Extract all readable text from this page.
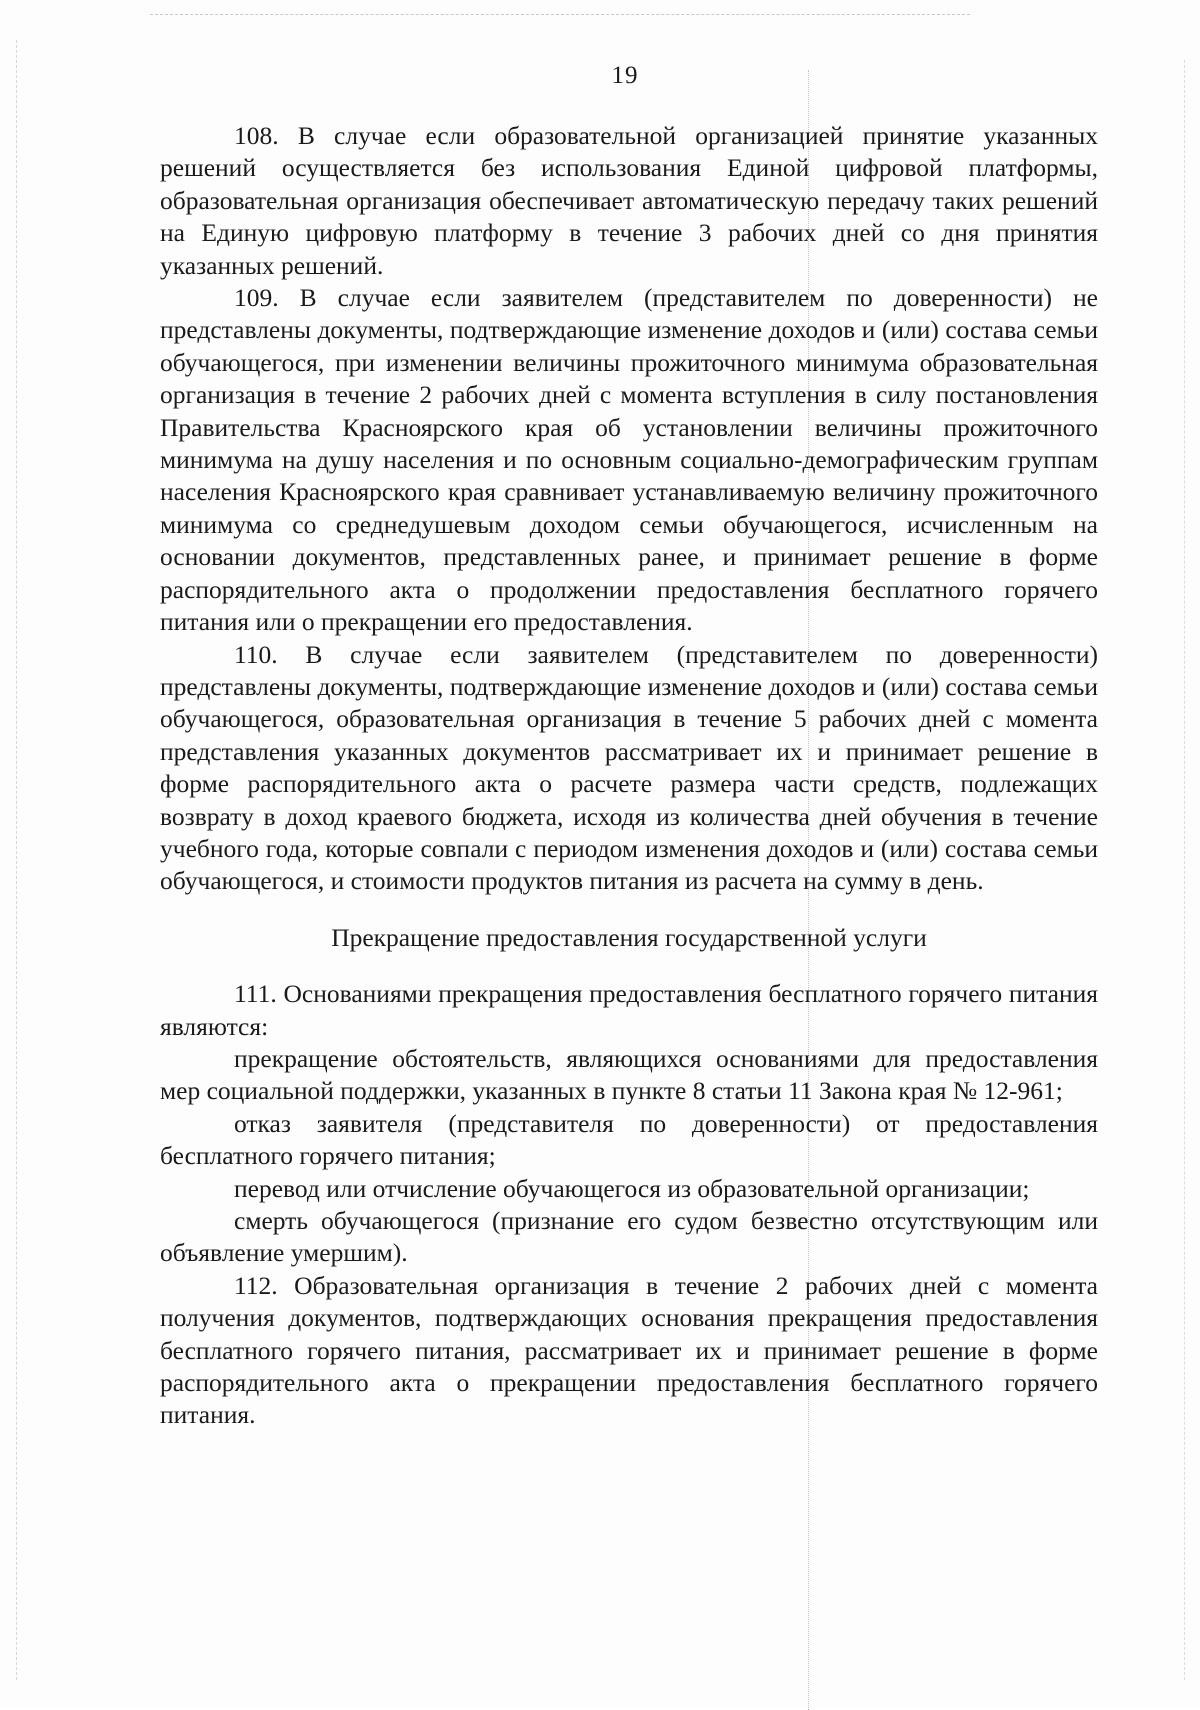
19

108. В случае если образовательной организацией принятие указанных решений осуществляется без использования Единой цифровой платформы, образовательная организация обеспечивает автоматическую передачу таких решений на Единую цифровую платформу в течение 3 рабочих дней со дня принятия указанных решений.

109. В случае если заявителем (представителем по доверенности) не представлены документы, подтверждающие изменение доходов и (или) состава семьи обучающегося, при изменении величины прожиточного минимума образовательная организация в течение 2 рабочих дней с момента вступления в силу постановления Правительства Красноярского края об установлении величины прожиточного минимума на душу населения и по основным социально-демографическим группам населения Красноярского края сравнивает устанавливаемую величину прожиточного минимума со среднедушевым доходом семьи обучающегося, исчисленным на основании документов, представленных ранее, и принимает решение в форме распорядительного акта о продолжении предоставления бесплатного горячего питания или о прекращении его предоставления.

110. В случае если заявителем (представителем по доверенности) представлены документы, подтверждающие изменение доходов и (или) состава семьи обучающегося, образовательная организация в течение 5 рабочих дней с момента представления указанных документов рассматривает их и принимает решение в форме распорядительного акта о расчете размера части средств, подлежащих возврату в доход краевого бюджета, исходя из количества дней обучения в течение учебного года, которые совпали с периодом изменения доходов и (или) состава семьи обучающегося, и стоимости продуктов питания из расчета на сумму в день.

Прекращение предоставления государственной услуги

111. Основаниями прекращения предоставления бесплатного горячего питания являются:

прекращение обстоятельств, являющихся основаниями для предоставления мер социальной поддержки, указанных в пункте 8 статьи 11 Закона края № 12-961;

отказ заявителя (представителя по доверенности) от предоставления бесплатного горячего питания;

перевод или отчисление обучающегося из образовательной организации;

смерть обучающегося (признание его судом безвестно отсутствующим или объявление умершим).

112. Образовательная организация в течение 2 рабочих дней с момента получения документов, подтверждающих основания прекращения предоставления бесплатного горячего питания, рассматривает их и принимает решение в форме распорядительного акта о прекращении предоставления бесплатного горячего питания.
